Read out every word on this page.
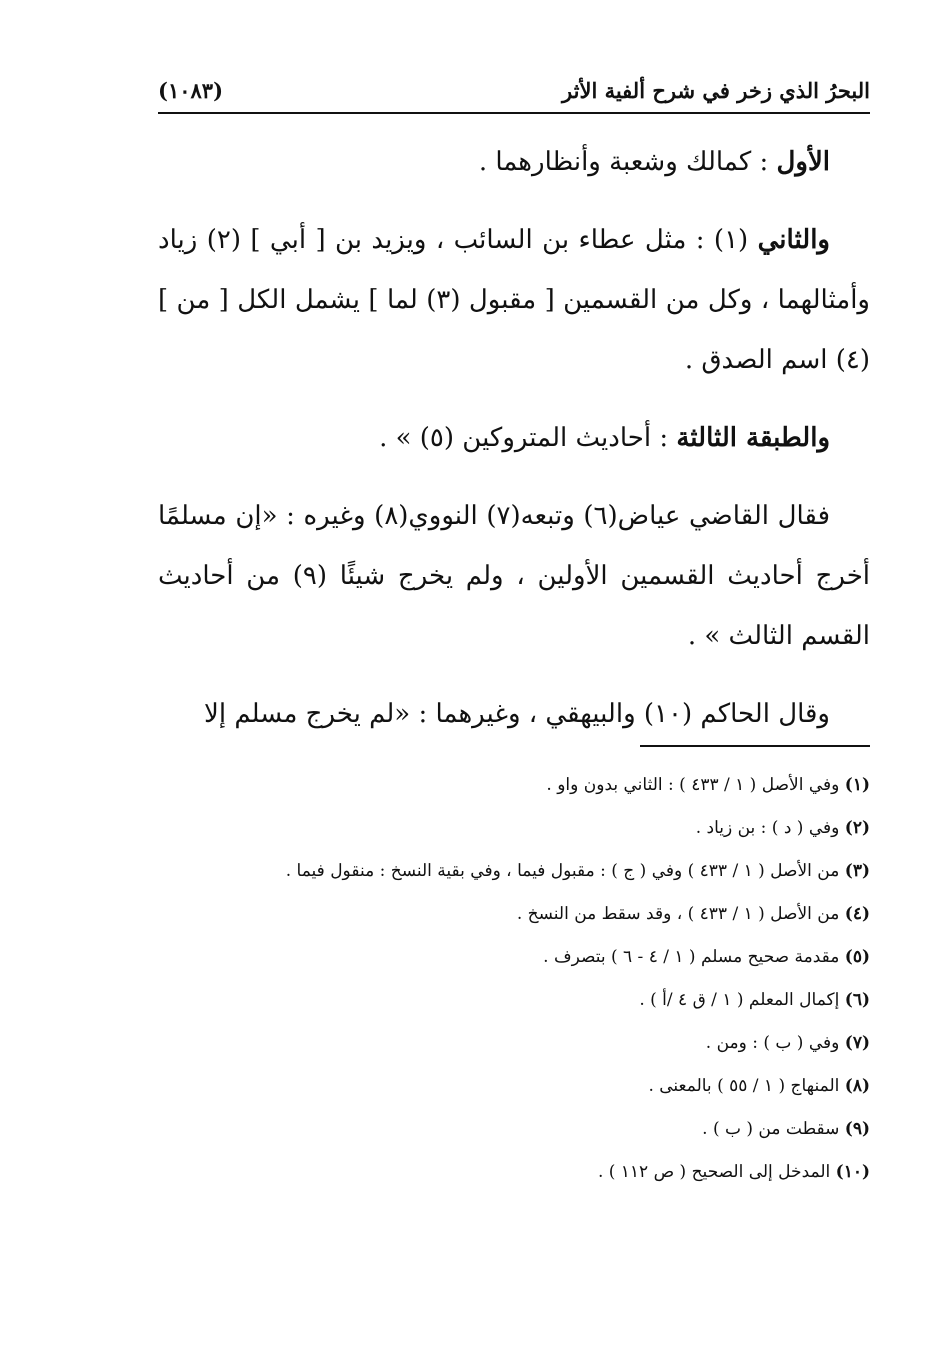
البحرُ الذي زخر في شرح ألفية الأثر
(١٠٨٣)

الأول : كمالك وشعبة وأنظارهما .

والثاني (١) : مثل عطاء بن السائب ، ويزيد بن [ أبي ] (٢) زياد وأمثالهما ، وكل من القسمين [ مقبول (٣) لما ] يشمل الكل [ من ](٤) اسم الصدق .

والطبقة الثالثة : أحاديث المتروكين (٥) » .

فقال القاضي عياض(٦) وتبعه(٧) النووي(٨) وغيره : «إن مسلمًا أخرج أحاديث القسمين الأولين ، ولم يخرج شيئًا (٩) من أحاديث القسم الثالث » .

وقال الحاكم (١٠) والبيهقي ، وغيرهما : «لم يخرج مسلم إلا

(١) وفي الأصل ( ١ / ٤٣٣ ) : الثاني بدون واو .

(٢) وفي ( د ) : بن زياد .

(٣) من الأصل ( ١ / ٤٣٣ ) وفي ( ج ) : مقبول فيما ، وفي بقية النسخ : منقول فيما .

(٤) من الأصل ( ١ / ٤٣٣ ) ، وقد سقط من النسخ .

(٥) مقدمة صحيح مسلم ( ١ / ٤ - ٦ ) بتصرف .

(٦) إكمال المعلم ( ١ / ق ٤ /أ ) .

(٧) وفي ( ب ) : ومن .

(٨) المنهاج ( ١ / ٥٥ ) بالمعنى .

(٩) سقطت من ( ب ) .

(١٠) المدخل إلى الصحيح ( ص ١١٢ ) .
